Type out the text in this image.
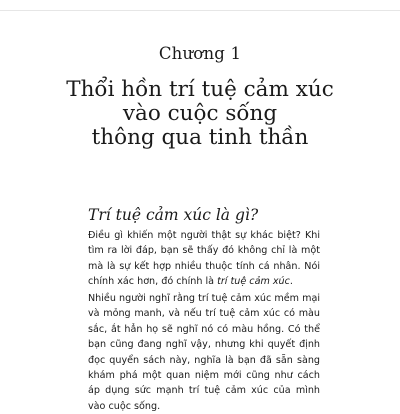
Chương 1
Thổi hồn trí tuệ cảm xúc
vào cuộc sống
thông qua tinh thần
Trí tuệ cảm xúc là gì?

Điều gì khiến một người thật sự khác biệt? Khi tìm ra lời đáp, bạn sẽ thấy đó không chỉ là một mà là sự kết hợp nhiều thuộc tính cá nhân. Nói chính xác hơn, đó chính là trí tuệ cảm xúc.

Nhiều người nghĩ rằng trí tuệ cảm xúc mềm mại và mỏng manh, và nếu trí tuệ cảm xúc có màu sắc, ắt hẳn họ sẽ nghĩ nó có màu hồng. Có thể bạn cũng đang nghĩ vậy, nhưng khi quyết định đọc quyển sách này, nghĩa là bạn đã sẵn sàng khám phá một quan niệm mới cũng như cách áp dụng sức mạnh trí tuệ cảm xúc của mình vào cuộc sống.
